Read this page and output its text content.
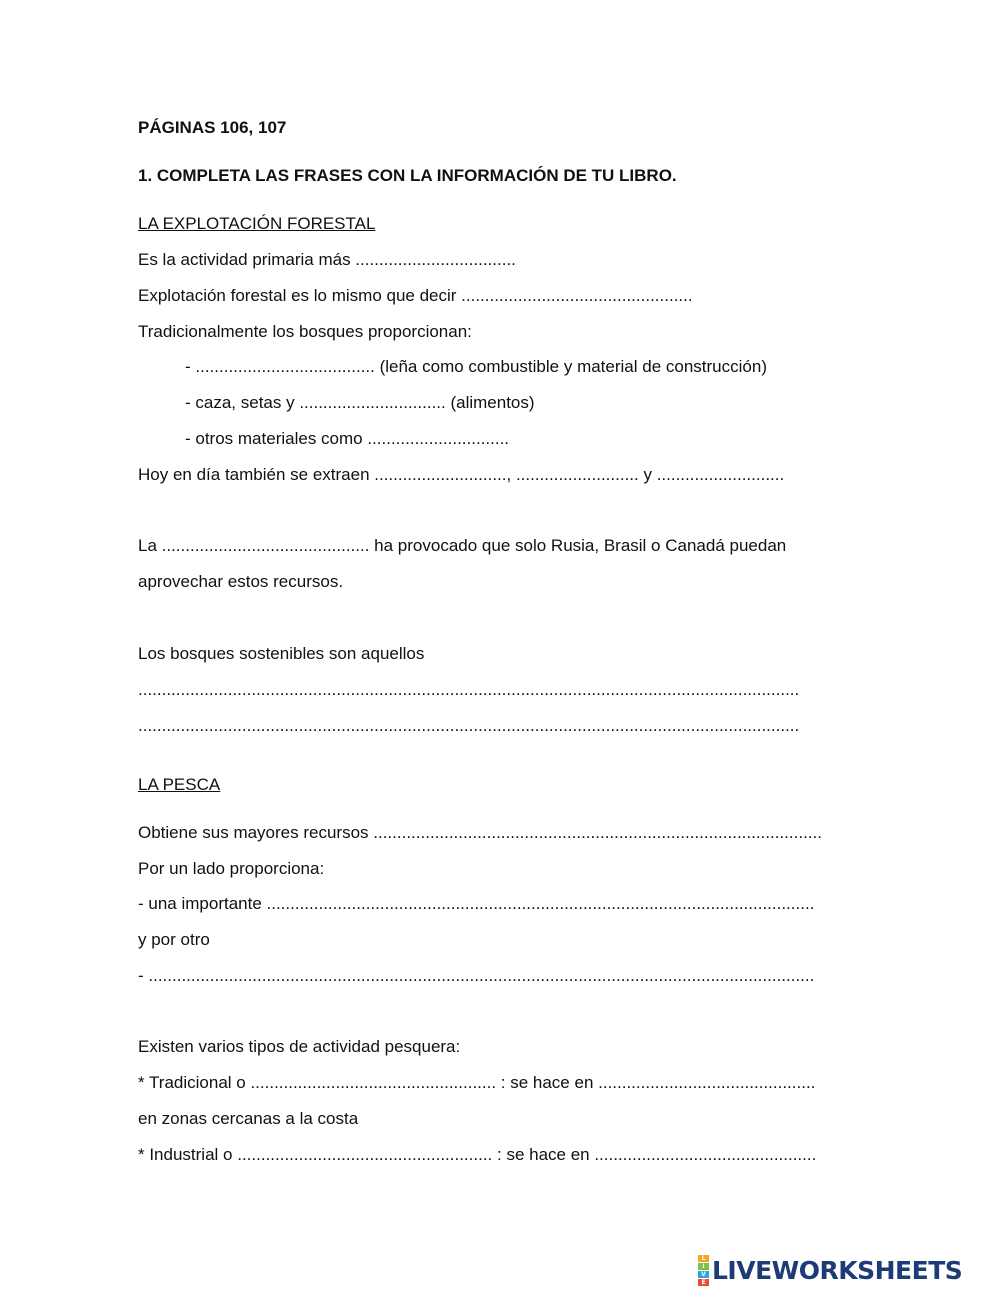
PÁGINAS 106, 107
1. COMPLETA LAS FRASES CON LA INFORMACIÓN DE TU LIBRO.
LA EXPLOTACIÓN FORESTAL
Es la actividad primaria más ..................................
Explotación forestal es lo mismo que decir .................................................
Tradicionalmente los bosques proporcionan:
- ...................................... (leña como combustible y material de construcción)
- caza, setas y ............................... (alimentos)
- otros materiales como ..............................
Hoy en día también se extraen ............................, .......................... y ...........................
La ............................................ ha provocado que solo Rusia, Brasil o Canadá puedan
aprovechar estos recursos.
Los bosques sostenibles son aquellos
............................................................................................................................................
............................................................................................................................................
LA PESCA
Obtiene sus mayores recursos ...............................................................................................
Por un lado proporciona:
- una importante ....................................................................................................................
y por otro
- .............................................................................................................................................
Existen varios tipos de actividad pesquera:
* Tradicional o .................................................... : se hace en ..............................................
en zonas cercanas a la costa
* Industrial o ...................................................... : se hace en ...............................................
L
I
V
E LIVEWORKSHEETS
